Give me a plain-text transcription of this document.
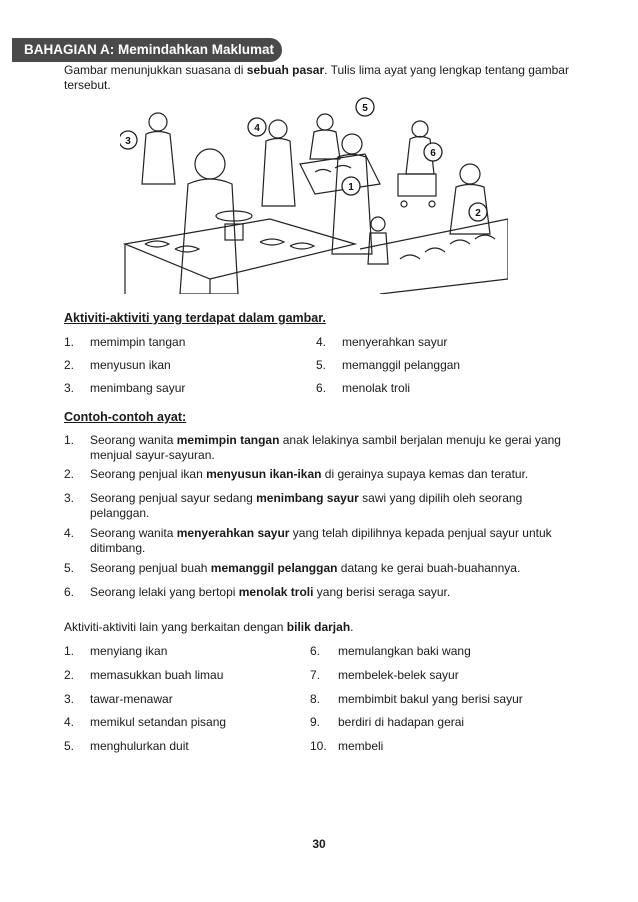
BAHAGIAN A: Memindahkan Maklumat
Gambar menunjukkan suasana di sebuah pasar. Tulis lima ayat yang lengkap tentang gambar tersebut.
1
2
3
4
5
6
Aktiviti-aktiviti yang terdapat dalam gambar.
1. memimpin tangan
2. menyusun ikan
3. menimbang sayur
4. menyerahkan sayur
5. memanggil pelanggan
6. menolak troli
Contoh-contoh ayat:
1. Seorang wanita memimpin tangan anak lelakinya sambil berjalan menuju ke gerai yang menjual sayur-sayuran.
2. Seorang penjual ikan menyusun ikan-ikan di gerainya supaya kemas dan teratur.
3. Seorang penjual sayur sedang menimbang sayur sawi yang dipilih oleh seorang pelanggan.
4. Seorang wanita menyerahkan sayur yang telah dipilihnya kepada penjual sayur untuk ditimbang.
5. Seorang penjual buah memanggil pelanggan datang ke gerai buah-buahannya.
6. Seorang lelaki yang bertopi menolak troli yang berisi seraga sayur.
Aktiviti-aktiviti lain yang berkaitan dengan bilik darjah.
1. menyiang ikan
2. memasukkan buah limau
3. tawar-menawar
4. memikul setandan pisang
5. menghulurkan duit
6. memulangkan baki wang
7. membelek-belek sayur
8. membimbit bakul yang berisi sayur
9. berdiri di hadapan gerai
10. membeli
30
